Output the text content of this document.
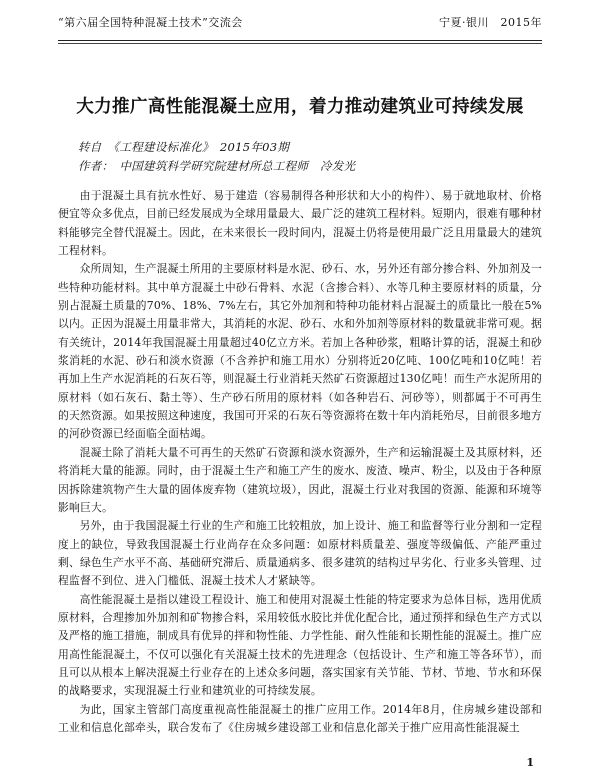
“第六届全国特种混凝土技术”交流会	宁夏·银川　2015年
大力推广高性能混凝土应用，着力推动建筑业可持续发展
转自　《工程建设标准化》　2015年03期
作者：　中国建筑科学研究院建材所总工程师　冷发光

由于混凝土具有抗水性好、易于建造（容易制得各种形状和大小的构件）、易于就地取材、价格便宜等众多优点，目前已经发展成为全球用量最大、最广泛的建筑工程材料。短期内，很难有哪种材料能够完全替代混凝土。因此，在未来很长一段时间内，混凝土仍将是使用最广泛且用量最大的建筑工程材料。

众所周知，生产混凝土所用的主要原材料是水泥、砂石、水，另外还有部分掺合料、外加剂及一些特种功能材料。其中单方混凝土中砂石骨料、水泥（含掺合料）、水等几种主要原材料的质量，分别占混凝土质量的70%、18%、7%左右，其它外加剂和特种功能材料占混凝土的质量比一般在5%以内。正因为混凝土用量非常大，其消耗的水泥、砂石、水和外加剂等原材料的数量就非常可观。据有关统计，2014年我国混凝土用量超过40亿立方米。若加上各种砂浆，粗略计算的话，混凝土和砂浆消耗的水泥、砂石和淡水资源（不含养护和施工用水）分别将近20亿吨、100亿吨和10亿吨！若再加上生产水泥消耗的石灰石等，则混凝土行业消耗天然矿石资源超过130亿吨！而生产水泥所用的原材料（如石灰石、黏土等）、生产砂石所用的原材料（如各种岩石、河砂等），则都属于不可再生的天然资源。如果按照这种速度，我国可开采的石灰石等资源将在数十年内消耗殆尽，目前很多地方的河砂资源已经面临全面枯竭。

混凝土除了消耗大量不可再生的天然矿石资源和淡水资源外，生产和运输混凝土及其原材料，还将消耗大量的能源。同时，由于混凝土生产和施工产生的废水、废渣、噪声、粉尘，以及由于各种原因拆除建筑物产生大量的固体废弃物（建筑垃圾），因此，混凝土行业对我国的资源、能源和环境等影响巨大。

另外，由于我国混凝土行业的生产和施工比较粗放，加上设计、施工和监督等行业分割和一定程度上的缺位，导致我国混凝土行业尚存在众多问题：如原材料质量差、强度等级偏低、产能严重过剩、绿色生产水平不高、基础研究滞后、质量通病多、很多建筑的结构过早劣化、行业多头管理、过程监督不到位、进入门槛低、混凝土技术人才紧缺等。

高性能混凝土是指以建设工程设计、施工和使用对混凝土性能的特定要求为总体目标，选用优质原材料，合理掺加外加剂和矿物掺合料，采用较低水胶比并优化配合比，通过预拌和绿色生产方式以及严格的施工措施，制成具有优异的拌和物性能、力学性能、耐久性能和长期性能的混凝土。推广应用高性能混凝土，不仅可以强化有关混凝土技术的先进理念（包括设计、生产和施工等各环节），而且可以从根本上解决混凝土行业存在的上述众多问题，落实国家有关节能、节材、节地、节水和环保的战略要求，实现混凝土行业和建筑业的可持续发展。

为此，国家主管部门高度重视高性能混凝土的推广应用工作。2014年8月，住房城乡建设部和工业和信息化部牵头，联合发布了《住房城乡建设部工业和信息化部关于推广应用高性能混凝土

1
